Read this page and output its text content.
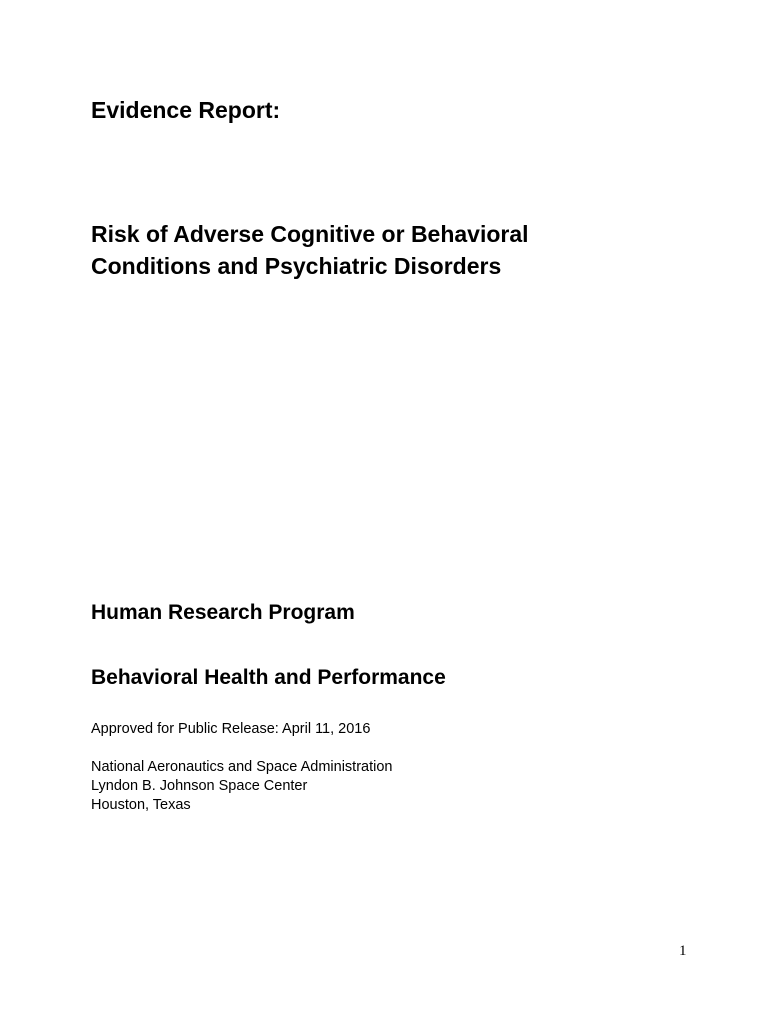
Evidence Report:
Risk of Adverse Cognitive or Behavioral
Conditions and Psychiatric Disorders
Human Research Program
Behavioral Health and Performance

Approved for Public Release: April 11, 2016

National Aeronautics and Space Administration
Lyndon B. Johnson Space Center
Houston, Texas
1
